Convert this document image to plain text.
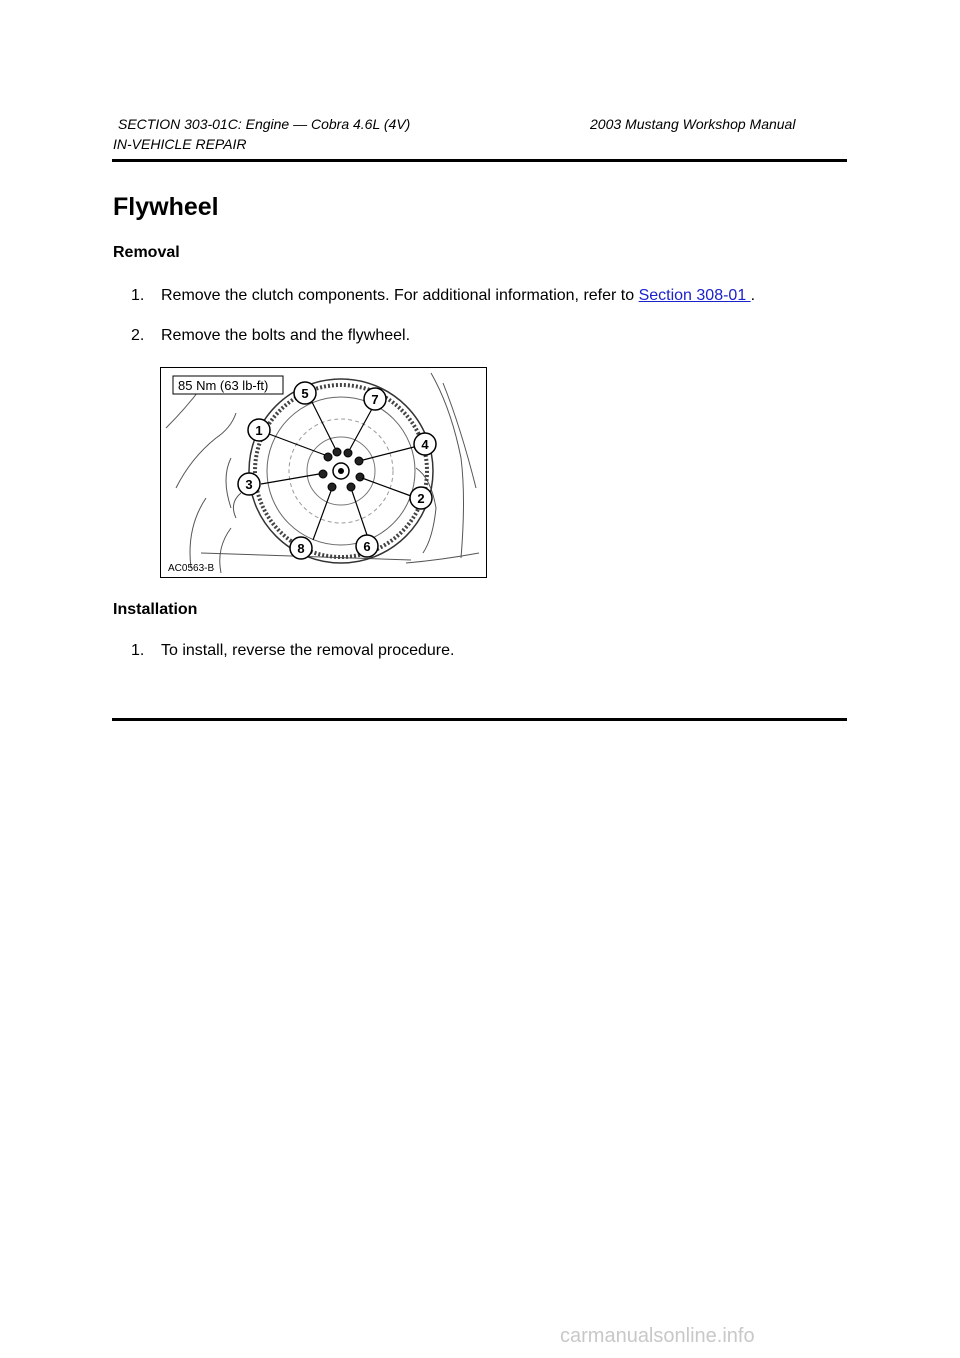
SECTION 303-01C: Engine — Cobra 4.6L (4V)	2003 Mustang Workshop Manual
IN-VEHICLE REPAIR
Flywheel
Removal
1. Remove the clutch components. For additional information, refer to Section 308-01 .
2. Remove the bolts and the flywheel.
1
2
3
4
5
6
7
8
85 Nm (63 lb-ft)
AC0563-B
Installation
1. To install, reverse the removal procedure.
carmanualsonline.info
